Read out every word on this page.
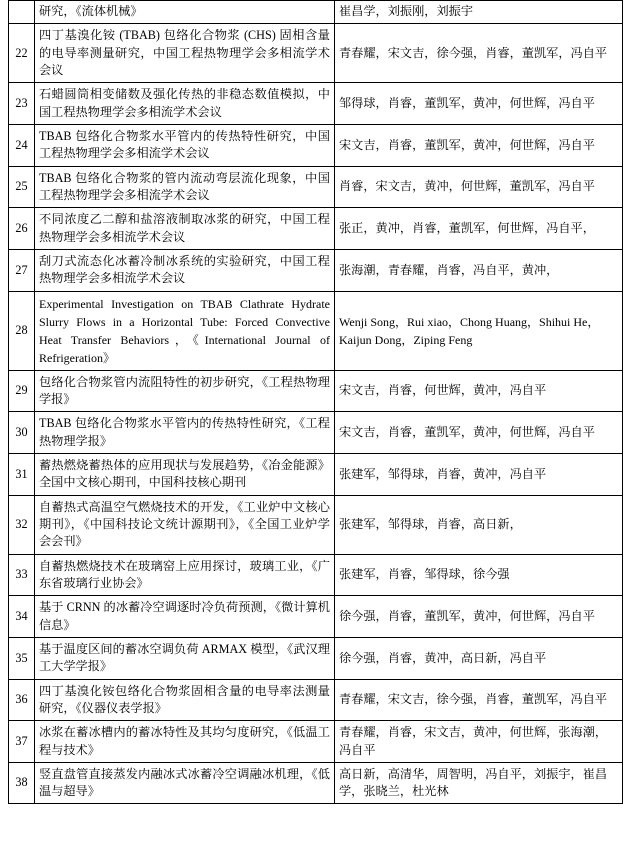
	研究，《流体机械》	崔昌学，刘振刚，刘振宇
22	四丁基溴化铵 (TBAB) 包络化合物浆 (CHS) 固相含量的电导率测量研究，中国工程热物理学会多相流学术会议	青春耀，宋文吉，徐今强，肖睿，董凯军，冯自平
23	石蜡圆筒相变储数及强化传热的非稳态数值模拟，中国工程热物理学会多相流学术会议	邹得球，肖睿，董凯军，黄冲，何世辉，冯自平
24	TBAB 包络化合物浆水平管内的传热特性研究，中国工程热物理学会多相流学术会议	宋文吉，肖睿，董凯军，黄冲，何世辉，冯自平
25	TBAB 包络化合物浆的管内流动弯层流化现象，中国工程热物理学会多相流学术会议	肖睿，宋文吉，黄冲，何世辉，董凯军，冯自平
26	不同浓度乙二醇和盐溶液制取冰浆的研究，中国工程热物理学会多相流学术会议	张正，黄冲，肖睿，董凯军，何世辉，冯自平，
27	刮刀式流态化冰蓄冷制冰系统的实验研究，中国工程热物理学会多相流学术会议	张海潮，青春耀，肖睿，冯自平，黄冲，
28	Experimental Investigation on TBAB Clathrate Hydrate Slurry Flows in a Horizontal Tube: Forced Convective Heat Transfer Behaviors，《International Journal of Refrigeration》	Wenji Song，Rui xiao，Chong Huang，Shihui He，Kaijun Dong，Ziping Feng
29	包络化合物浆管内流阻特性的初步研究，《工程热物理学报》	宋文吉，肖睿，何世辉，黄冲，冯自平
30	TBAB 包络化合物浆水平管内的传热特性研究，《工程热物理学报》	宋文吉，肖睿，董凯军，黄冲，何世辉，冯自平
31	蓄热燃烧蓄热体的应用现状与发展趋势，《冶金能源》全国中文核心期刊，中国科技核心期刊	张建军，邹得球，肖睿，黄冲，冯自平
32	自蓄热式高温空气燃烧技术的开发，《工业炉中文核心期刊》，《中国科技论文统计源期刊》，《全国工业炉学会会刊》	张建军，邹得球，肖睿，高日新，
33	自蓄热燃烧技术在玻璃窑上应用探讨，玻璃工业，《广东省玻璃行业协会》	张建军，肖睿，邹得球，徐今强
34	基于 CRNN 的冰蓄冷空调逐时冷负荷预测，《微计算机信息》	徐今强，肖睿，董凯军，黄冲，何世辉，冯自平
35	基于温度区间的蓄冰空调负荷 ARMAX 模型，《武汉理工大学学报》	徐今强，肖睿，黄冲，高日新，冯自平
36	四丁基溴化铵包络化合物浆固相含量的电导率法测量研究，《仪器仪表学报》	青春耀，宋文吉，徐今强，肖睿，董凯军，冯自平
37	冰浆在蓄冰槽内的蓄冰特性及其均匀度研究，《低温工程与技术》	青春耀，肖睿，宋文吉，黄冲，何世辉，张海潮，冯自平
38	竖直盘管直接蒸发内融冰式冰蓄冷空调融冰机理，《低温与超导》	高日新，高清华，周智明，冯自平，刘振宇，崔昌学，张晓兰，杜光林
